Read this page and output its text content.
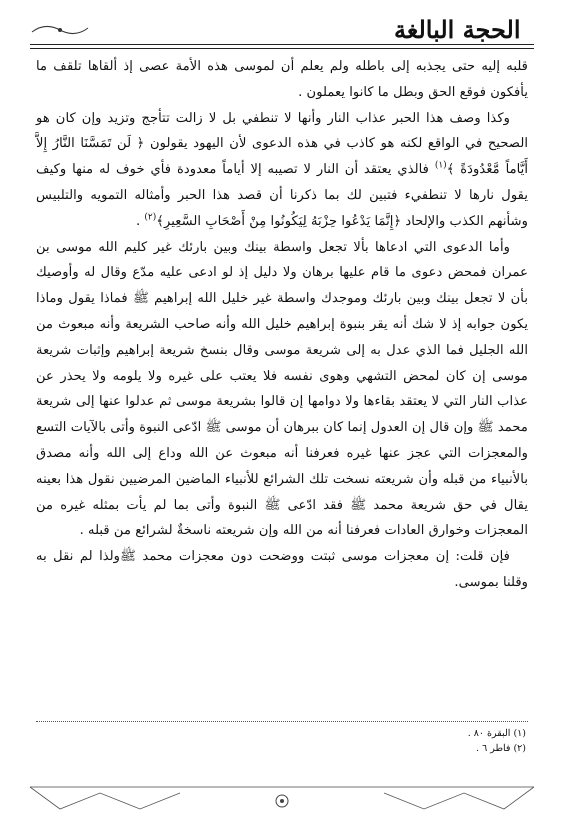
الحجة البالغة

قلبه إليه حتى يجذبه إلى باطله ولم يعلم أن لموسى هذه الأمة عصى إذ ألقاها تلقف ما يأفكون فوقع الحق وبطل ما كانوا يعملون .

وكذا وصف هذا الحبر عذاب النار وأنها لا تنطفي بل لا زالت تتأجج وتزيد وإن كان هو الصحيح في الواقع لكنه هو كاذب في هذه الدعوى لأن اليهود يقولون ﴿ لَن تَمَسَّنَا النَّارُ إِلاَّ أَيَّاماً مَّعْدُودَةً ﴾$^{(١)}$ فالذي يعتقد أن النار لا تصيبه إلا أياماً معدودة فأي خوف له منها وكيف يقول نارها لا تنطفيء فتبين لك بما ذكرنا أن قصد هذا الحبر وأمثاله التمويه والتلبيس وشأنهم الكذب والإلحاد ﴿إِنَّمَا يَدْعُوا حِزْبَهُ لِيَكُونُوا مِنْ أَصْحَابِ السَّعِيرِ﴾$^{(٢)}$ .

وأما الدعوى التي ادعاها بألا تجعل واسطة بينك وبين بارئك غير كليم الله موسى بن عمران فمحض دعوى ما قام عليها برهان ولا دليل إذ لو ادعى عليه مدّع وقال له وأوصيك بأن لا تجعل بينك وبين بارئك وموجدك واسطة غير خليل الله إبراهيم ﷺ فماذا يقول وماذا يكون جوابه إذ لا شك أنه يقر بنبوة إبراهيم خليل الله وأنه صاحب الشريعة وأنه مبعوث من الله الجليل فما الذي عدل به إلى شريعة موسى وقال بنسخ شريعة إبراهيم وإثبات شريعة موسى إن كان لمحض التشهي وهوى نفسه فلا يعتب على غيره ولا يلومه ولا يحذر عن عذاب النار التي لا يعتقد بقاءها ولا دوامها إن قالوا بشريعة موسى ثم عدلوا عنها إلى شريعة محمد ﷺ وإن قال إن العدول إنما كان ببرهان أن موسى ﷺ ادّعى النبوة وأتى بالآيات التسع والمعجزات التي عجز عنها غيره فعرفنا أنه مبعوث عن الله وداع إلى الله وأنه مصدق بالأنبياء من قبله وأن شريعته نسخت تلك الشرائع للأنبياء الماضين المرضيين نقول هذا بعينه يقال في حق شريعة محمد ﷺ فقد ادّعى ﷺ النبوة وأتى بما لم يأت بمثله غيره من المعجزات وخوارق العادات فعرفنا أنه من الله وإن شريعته ناسخةٌ لشرائع من قبله .

فإن قلت: إن معجزات موسى ثبتت ووضحت دون معجزات محمد ﷺولذا لم نقل به وقلنا بموسى.

(١) البقرة ٨٠ .

(٢) فاطر ٦ .
